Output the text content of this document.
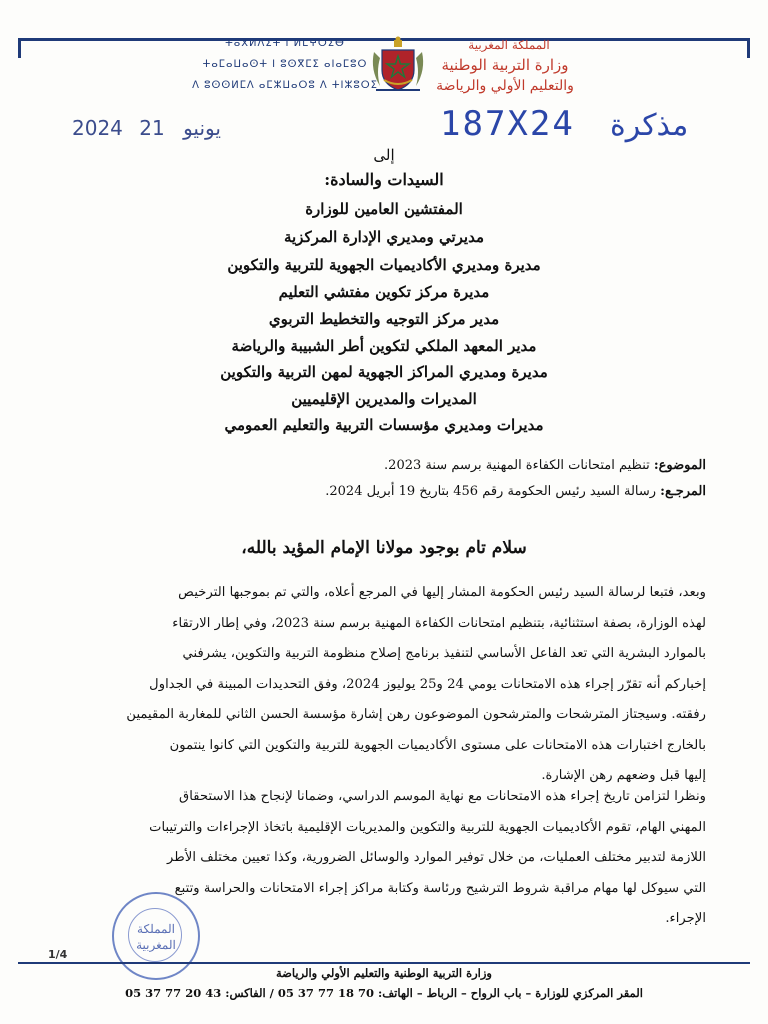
ⵜⴰⴳⵍⴷⵉⵜ ⵏ ⵍⵎⵖⵔⵉⴱ
ⵜⴰⵎⴰⵡⴰⵙⵜ ⵏ ⵓⵙⴳⵎⵉ ⴰⵏⴰⵎⵓⵔ
ⴷ ⵓⵙⵙⵍⵎⴷ ⴰⵎⵣⵡⴰⵔⵓ ⴷ ⵜⵏⵣⵓⵔⵉ
المملكة المغربية
وزارة التربية الوطنية
والتعليم الأولي والرياضة
2024	يونيو 21	187X24 مذكرة
إلى
السيدات والسادة:
المفتشين العامين للوزارة
مديرتي ومديري الإدارة المركزية
مديرة ومديري الأكاديميات الجهوية للتربية والتكوين
مديرة مركز تكوين مفتشي التعليم
مدير مركز التوجيه والتخطيط التربوي
مدير المعهد الملكي لتكوين أطر الشبيبة والرياضة
مديرة ومديري المراكز الجهوية لمهن التربية والتكوين
المديرات والمديرين الإقليميين
مديرات ومديري مؤسسات التربية والتعليم العمومي
الموضوع: تنظيم امتحانات الكفاءة المهنية برسم سنة 2023.
المرجـع: رسالة السيد رئيس الحكومة رقم 456 بتاريخ 19 أبريل 2024.
سلام تام بوجود مولانا الإمام المؤيد بالله،
وبعد، فتبعا لرسالة السيد رئيس الحكومة المشار إليها في المرجع أعلاه، والتي تم بموجبها الترخيص
لهذه الوزارة، بصفة استثنائية، بتنظيم امتحانات الكفاءة المهنية برسم سنة 2023، وفي إطار الارتقاء
بالموارد البشرية التي تعد الفاعل الأساسي لتنفيذ برنامج إصلاح منظومة التربية والتكوين، يشرفني
إخباركم أنه تقرّر إجراء هذه الامتحانات يومي 24 و25 يوليوز 2024، وفق التحديدات المبينة في الجداول
رفقته. وسيجتاز المترشحات والمترشحون الموضوعون رهن إشارة مؤسسة الحسن الثاني للمغاربة المقيمين
بالخارج اختبارات هذه الامتحانات على مستوى الأكاديميات الجهوية للتربية والتكوين التي كانوا ينتمون
إليها قبل وضعهم رهن الإشارة.
ونظرا لتزامن تاريخ إجراء هذه الامتحانات مع نهاية الموسم الدراسي، وضمانا لإنجاح هذا الاستحقاق
المهني الهام، تقوم الأكاديميات الجهوية للتربية والتكوين والمديريات الإقليمية باتخاذ الإجراءات والترتيبات
اللازمة لتدبير مختلف العمليات، من خلال توفير الموارد والوسائل الضرورية، وكذا تعيين مختلف الأطر
التي سيوكل لها مهام مراقبة شروط الترشيح ورئاسة وكتابة مراكز إجراء الامتحانات والحراسة وتتبع
الإجراء.
المملكة
المغربية
1/4
وزارة التربية الوطنية والتعليم الأولي والرياضة
المقر المركزي للوزارة – باب الرواح – الرباط – الهاتف: 70 18 77 37 05 / الفاكس: 43 20 77 37 05
